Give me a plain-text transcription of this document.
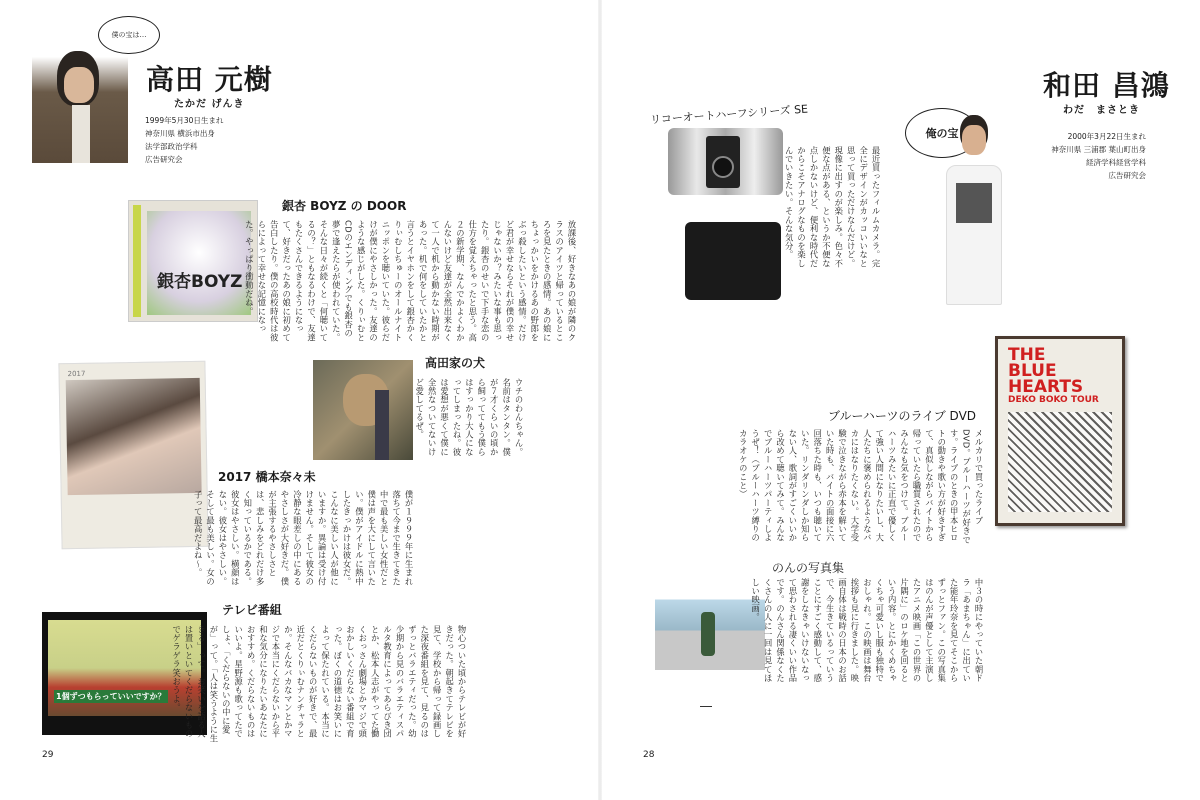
僕の宝は…
高田 元樹
たかだ げんき
1999年5月30日生まれ
神奈川県 横浜市出身
法学部政治学科
広告研究会
銀杏BOYZ
銀杏 BOYZ の DOOR
放課後、好きなあの娘が隣のクラスのアイツと帰っているところを見たときの感情。あの娘にちょっかいをかけるあの野郎をぶっ殺したいという感情。だけど君が幸せならそれが僕の幸せじゃないか？みたいな事も思ったり。銀杏のせいで下手な恋の仕方を覚えちゃったと思う。高２の新学期、なんでかよくわかんないけど友達が全然出来なくて一人で机から動かない時期があった。机で何をしていたかと言うとイヤホンをして銀杏かくりぃむしちゅーのオールナイトニッポンを聴いていた。彼らだけが僕にやさしかった。友達のような感じがした。くりぃむとCDのエンディングでも銀杏の夢で逢えたらが使われていた。そんな日々が続くと「何聴いてるの？」ともなるわけで、友達もたくさんできるようになって、好きだったあの娘に初めて告白したり。僕の高校時代は彼らによって幸せな記憶になった。やっぱり衝動だね。
高田家の犬
ウチのわんちゃん。名前はタンタン。僕が７才くらいの頃から飼っててもう僕らはすっかり大人になってしまったね。彼は愛想が悪くて僕に全然なついてないけど愛してるぜ。
2017
2017 橋本奈々未
僕が１９９９年に生まれ落ちて今まで生きてきた中で最も美しい女性だと僕は声を大にして言いたい。僕がアイドルに熱中したきっかけは彼女だ。こんなに美しい人が他にいますか。異論は受け付けません。そして彼女の冷静な眼差しの中にあるやさしさが大好きだ。僕が主張するやさしさとは、悲しみをどれだけ多く知っているかである。彼女はやさしい。横顔はない。彼女はやさしい。そして最も美しい。女の子って最高だよね〜。
1個ずつもらっていいですか？
テレビ番組
物心ついた頃からテレビが好きだった。朝起きてテレビを見て、学校から帰って録画した深夜番組を見て、見るのはずっとバラエティだった。幼少期から見のバラエティスパルタ教育によってあらびき団とか、松本人志がやってた働くおっさん劇場とかマジで頭おかしいくだらない番組で育った。ぼくの道徳はお笑いによって保たれている。本当にくだらないものが好きで、最近だとくりぃむナンチャラとか。そんなバカなマンとかマジで本当にくだらないから平和な気分になりたいあなたにおすすめ。くだらないものはいいよ。星野源も歌ってたでしょ、「くだらないの中に愛が」って。「人は笑うように生きる」って。お笑いを語る人は置いといてくだらないものでゲラゲラ笑おうよ。
29
リコーオートハーフシリーズ SE
最近買ったフィルムカメラ。完全にデザインがカッコいいなと思って買っただけなんだけど。現像に出すのが楽しみ。色々不便な点がある、というか不便な点しかないけど、便利な時代だからこそアナログなものを楽しんでいきたい。そんな気分。
俺の宝
和田 昌鴻
わだ　まさとき
2000年3月22日生まれ
神奈川県 三浦郡 葉山町出身
経済学科経営学科
広告研究会
THE
BLUE
HEARTS
DEKO BOKO TOUR
ブルーハーツのライブ DVD
メルカリで買ったライブDVD。ブルーハーツが好きです。ライブのときの甲本ヒロトの動きや歌い方が好きすぎて、真似しながらバイトから帰っていたら職質されたのでみんなも気をつけて。ブルーハーツみたいに正直で優しくて強い人間になりたいし、大人たちに褒められるようなバカにはなりたくない。大学受験で泣きながら赤本を解いていた時も、バイトの面接に六回落ちた時も、いつも聴いていた。リンダリンダしか知らない人、歌詞がすごくいいから改めて聴いてみて。みんなでブルーハーツパーティしようぜ！（ブルーハーツ縛りのカラオケのこと）
のんの写真集
中３の時にやっていた朝ドラ「あまちゃん」に出ていた能年玲奈を見てそこからずっとファン。この写真集はのんが声優として主演したアニメ映画「この世界の片隅に」のロケ地を回るという内容。とにかくめちゃくちゃ可愛いし服も独特でおしゃれ。この映画は舞台挨拶も見に行きました。映画自体は戦時の日本のお話で、今生きているっていうことにすごく感動して、感謝をしなきゃいけないなって思わされる凄くいい作品です。のんさん関係なくたくさんの人に一回は見てほしい映画。
28
